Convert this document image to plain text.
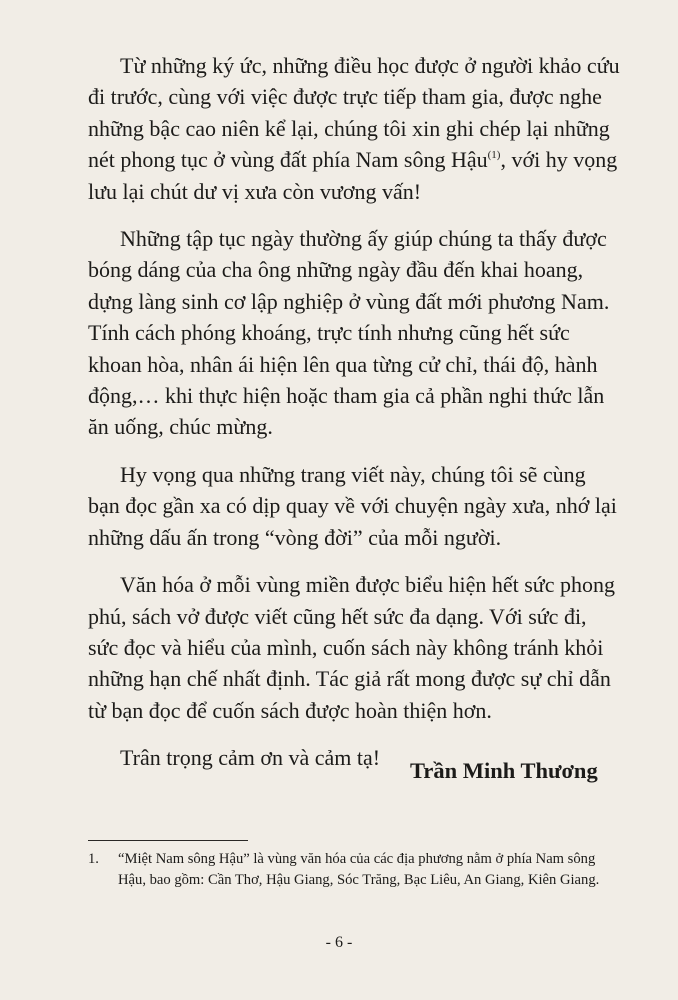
Từ những ký ức, những điều học được ở người khảo cứu
đi trước, cùng với việc được trực tiếp tham gia, được nghe
những bậc cao niên kể lại, chúng tôi xin ghi chép lại những
nét phong tục ở vùng đất phía Nam sông Hậu$^{(1)}$, với hy vọng
lưu lại chút dư vị xưa còn vương vấn!

Những tập tục ngày thường ấy giúp chúng ta thấy được
bóng dáng của cha ông những ngày đầu đến khai hoang,
dựng làng sinh cơ lập nghiệp ở vùng đất mới phương Nam.
Tính cách phóng khoáng, trực tính nhưng cũng hết sức
khoan hòa, nhân ái hiện lên qua từng cử chỉ, thái độ, hành
động,… khi thực hiện hoặc tham gia cả phần nghi thức lẫn
ăn uống, chúc mừng.

Hy vọng qua những trang viết này, chúng tôi sẽ cùng
bạn đọc gần xa có dịp quay về với chuyện ngày xưa, nhớ lại
những dấu ấn trong “vòng đời” của mỗi người.

Văn hóa ở mỗi vùng miền được biểu hiện hết sức phong
phú, sách vở được viết cũng hết sức đa dạng. Với sức đi,
sức đọc và hiểu của mình, cuốn sách này không tránh khỏi
những hạn chế nhất định. Tác giả rất mong được sự chỉ dẫn
từ bạn đọc để cuốn sách được hoàn thiện hơn.

Trân trọng cảm ơn và cảm tạ!

Trần Minh Thương
1. “Miệt Nam sông Hậu” là vùng văn hóa của các địa phương nằm ở phía Nam sông
Hậu, bao gồm: Cần Thơ, Hậu Giang, Sóc Trăng, Bạc Liêu, An Giang, Kiên Giang.
- 6 -
